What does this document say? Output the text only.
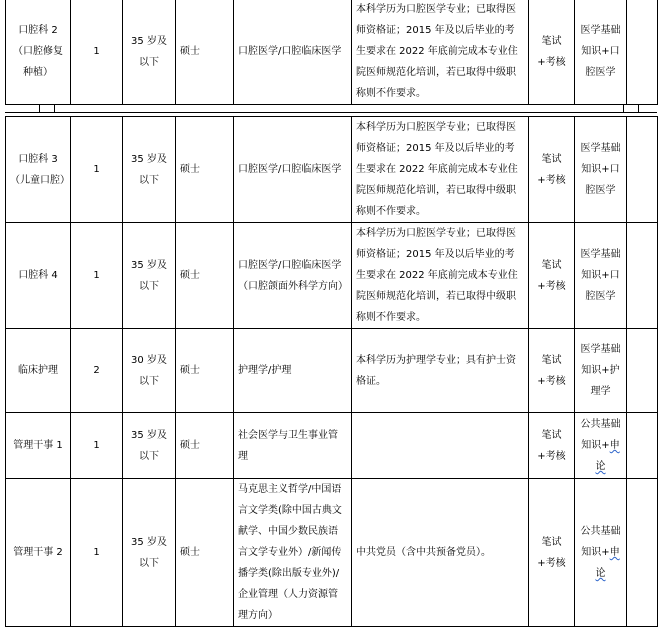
口腔科 2（口腔修复种植）	1	35 岁及以下	硕士	口腔医学/口腔临床医学	本科学历为口腔医学专业；已取得医师资格证；2015 年及以后毕业的考生要求在 2022 年底前完成本专业住院医师规范化培训，若已取得中级职称则不作要求。	笔试+考核	医学基础知识+口腔医学	
口腔科 3（儿童口腔）	1	35 岁及以下	硕士	口腔医学/口腔临床医学	本科学历为口腔医学专业；已取得医师资格证；2015 年及以后毕业的考生要求在 2022 年底前完成本专业住院医师规范化培训，若已取得中级职称则不作要求。	笔试+考核	医学基础知识+口腔医学	
口腔科 4	1	35 岁及以下	硕士	口腔医学/口腔临床医学（口腔颌面外科学方向）	本科学历为口腔医学专业；已取得医师资格证；2015 年及以后毕业的考生要求在 2022 年底前完成本专业住院医师规范化培训，若已取得中级职称则不作要求。	笔试+考核	医学基础知识+口腔医学	
临床护理	2	30 岁及以下	硕士	护理学/护理	本科学历为护理学专业；具有护士资格证。	笔试+考核	医学基础知识+护理学	
管理干事 1	1	35 岁及以下	硕士	社会医学与卫生事业管理		笔试+考核	公共基础知识+申论	
管理干事 2	1	35 岁及以下	硕士	马克思主义哲学/中国语言文学类(除中国古典文献学、中国少数民族语言文学专业外）/新闻传播学类(除出版专业外)/企业管理（人力资源管理方向）	中共党员（含中共预备党员）。	笔试+考核	公共基础知识+申论	
